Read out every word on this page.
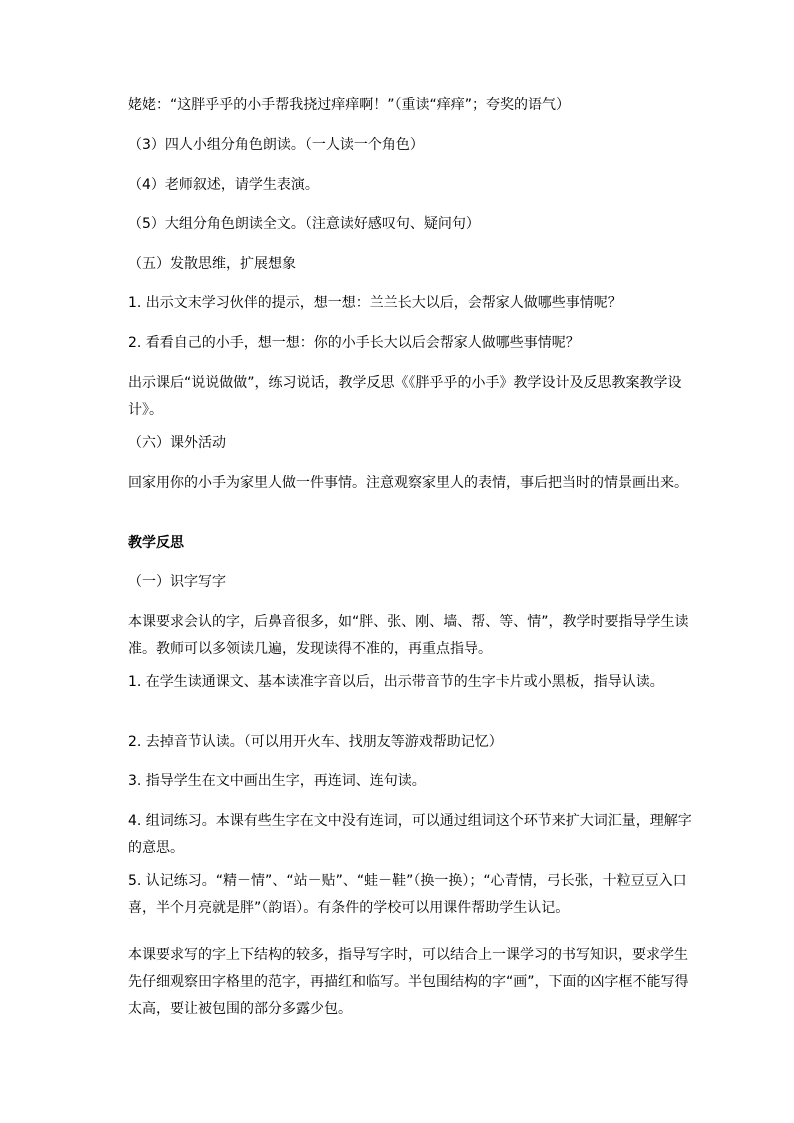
姥姥：“这胖乎乎的小手帮我挠过痒痒啊！”（重读“痒痒”；夸奖的语气）
（3）四人小组分角色朗读。（一人读一个角色）
（4）老师叙述，请学生表演。
（5）大组分角色朗读全文。（注意读好感叹句、疑问句）
（五）发散思维，扩展想象
1. 出示文末学习伙伴的提示，想一想：兰兰长大以后，会帮家人做哪些事情呢？
2. 看看自己的小手，想一想：你的小手长大以后会帮家人做哪些事情呢？
出示课后“说说做做”，练习说话，教学反思《《胖乎乎的小手》教学设计及反思教案教学设计》。
（六）课外活动
回家用你的小手为家里人做一件事情。注意观察家里人的表情，事后把当时的情景画出来。
教学反思
（一）识字写字
本课要求会认的字，后鼻音很多，如“胖、张、刚、墙、帮、等、情”，教学时要指导学生读准。教师可以多领读几遍，发现读得不准的，再重点指导。
1. 在学生读通课文、基本读准字音以后，出示带音节的生字卡片或小黑板，指导认读。
2. 去掉音节认读。（可以用开火车、找朋友等游戏帮助记忆）
3. 指导学生在文中画出生字，再连词、连句读。
4. 组词练习。本课有些生字在文中没有连词，可以通过组词这个环节来扩大词汇量，理解字的意思。
5. 认记练习。“精－情”、“站－贴”、“蛙－鞋”（换一换）；“心青情，弓长张，十粒豆豆入口喜，半个月亮就是胖”（韵语）。有条件的学校可以用课件帮助学生认记。
本课要求写的字上下结构的较多，指导写字时，可以结合上一课学习的书写知识，要求学生先仔细观察田字格里的范字，再描红和临写。半包围结构的字“画”，下面的凶字框不能写得太高，要让被包围的部分多露少包。
